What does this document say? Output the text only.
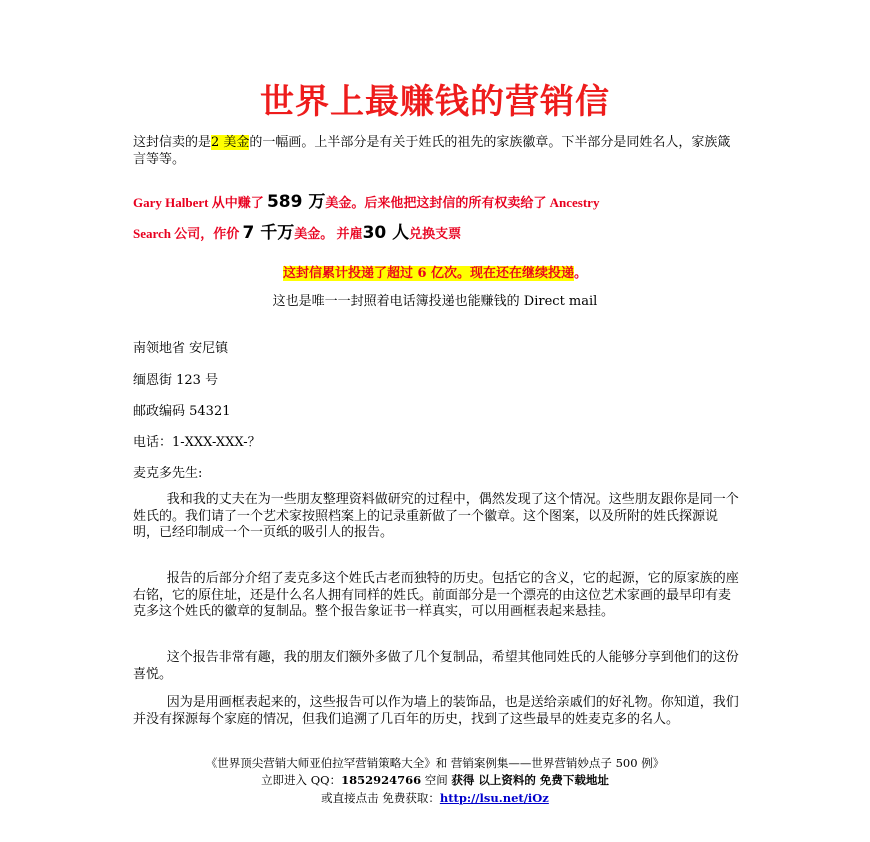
世界上最赚钱的营销信
这封信卖的是2 美金的一幅画。上半部分是有关于姓氏的祖先的家族徽章。下半部分是同姓名人，家族箴言等等。
Gary Halbert 从中赚了 589 万美金。后来他把这封信的所有权卖给了 Ancestry
Search 公司，作价 7 千万美金。 并雇30 人兑换支票
这封信累计投递了超过 6 亿次。现在还在继续投递。
这也是唯一一封照着电话簿投递也能赚钱的 Direct mail
南领地省 安尼镇
缅恩街 123 号
邮政编码 54321
电话：1-XXX-XXX-？
麦克多先生:
我和我的丈夫在为一些朋友整理资料做研究的过程中，偶然发现了这个情况。这些朋友跟你是同一个姓氏的。我们请了一个艺术家按照档案上的记录重新做了一个徽章。这个图案，以及所附的姓氏探源说明，已经印制成一个一页纸的吸引人的报告。
报告的后部分介绍了麦克多这个姓氏古老而独特的历史。包括它的含义，它的起源，它的原家族的座右铭，它的原住址，还是什么名人拥有同样的姓氏。前面部分是一个漂亮的由这位艺术家画的最早印有麦克多这个姓氏的徽章的复制品。整个报告象证书一样真实，可以用画框表起来悬挂。
这个报告非常有趣，我的朋友们额外多做了几个复制品，希望其他同姓氏的人能够分享到他们的这份喜悦。
因为是用画框表起来的，这些报告可以作为墙上的装饰品，也是送给亲戚们的好礼物。你知道，我们并没有探源每个家庭的情况，但我们追溯了几百年的历史，找到了这些最早的姓麦克多的名人。
《世界顶尖营销大师亚伯拉罕营销策略大全》和 营销案例集——世界营销妙点子 500 例》
立即进入 QQ：1852924766 空间 获得 以上资料的 免费下载地址
或直接点击 免费获取：http://lsu.net/iOz
